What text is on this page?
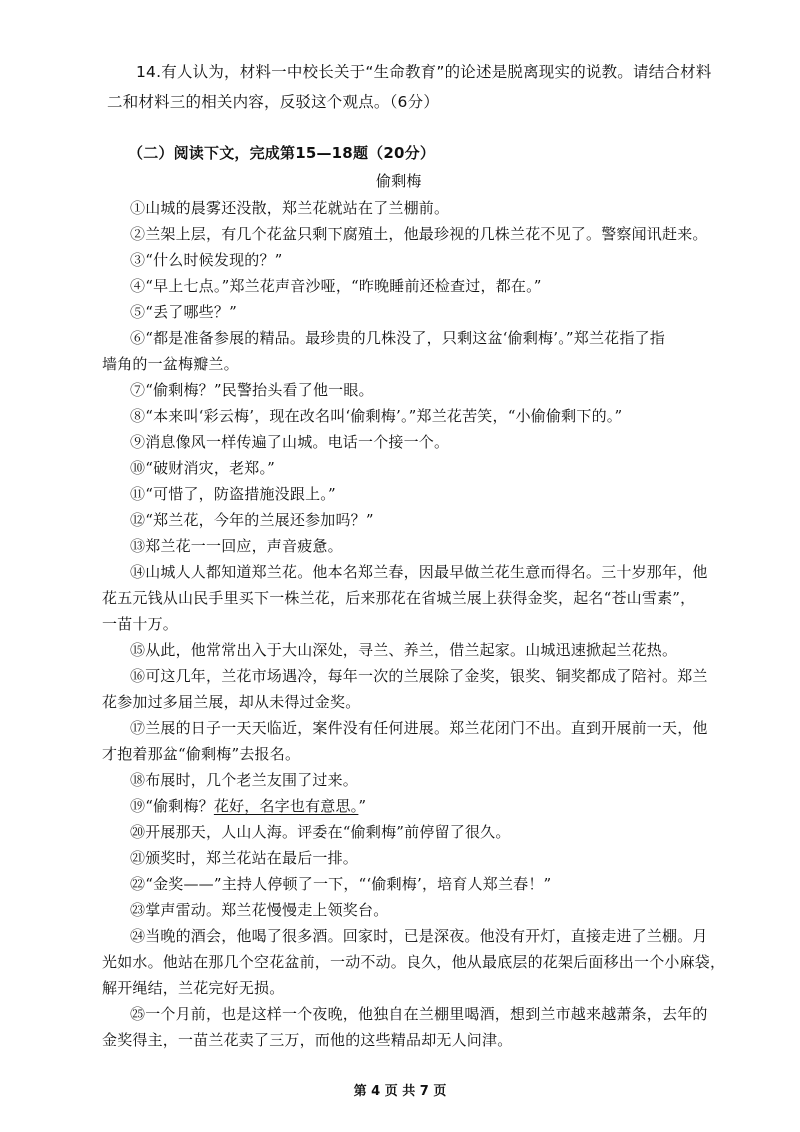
14.有人认为，材料一中校长关于“生命教育”的论述是脱离现实的说教。请结合材料
二和材料三的相关内容，反驳这个观点。（6分）
（二）阅读下文，完成第15—18题（20分）
偷剩梅
①山城的晨雾还没散，郑兰花就站在了兰棚前。
②兰架上层，有几个花盆只剩下腐殖土，他最珍视的几株兰花不见了。警察闻讯赶来。
③“什么时候发现的？”
④“早上七点。”郑兰花声音沙哑，“昨晚睡前还检查过，都在。”
⑤“丢了哪些？”
⑥“都是准备参展的精品。最珍贵的几株没了，只剩这盆‘偷剩梅’。”郑兰花指了指
墙角的一盆梅瓣兰。
⑦“偷剩梅？”民警抬头看了他一眼。
⑧“本来叫‘彩云梅’，现在改名叫‘偷剩梅’。”郑兰花苦笑，“小偷偷剩下的。”
⑨消息像风一样传遍了山城。电话一个接一个。
⑩“破财消灾，老郑。”
⑪“可惜了，防盗措施没跟上。”
⑫“郑兰花，今年的兰展还参加吗？”
⑬郑兰花一一回应，声音疲惫。
⑭山城人人都知道郑兰花。他本名郑兰春，因最早做兰花生意而得名。三十岁那年，他
花五元钱从山民手里买下一株兰花，后来那花在省城兰展上获得金奖，起名“苍山雪素”，
一苗十万。
⑮从此，他常常出入于大山深处，寻兰、养兰，借兰起家。山城迅速掀起兰花热。
⑯可这几年，兰花市场遇冷，每年一次的兰展除了金奖，银奖、铜奖都成了陪衬。郑兰
花参加过多届兰展，却从未得过金奖。
⑰兰展的日子一天天临近，案件没有任何进展。郑兰花闭门不出。直到开展前一天，他
才抱着那盆“偷剩梅”去报名。
⑱布展时，几个老兰友围了过来。
⑲“偷剩梅？花好，名字也有意思。”
⑳开展那天，人山人海。评委在“偷剩梅”前停留了很久。
㉑颁奖时，郑兰花站在最后一排。
㉒“金奖——”主持人停顿了一下，“‘偷剩梅’，培育人郑兰春！”
㉓掌声雷动。郑兰花慢慢走上领奖台。
㉔当晚的酒会，他喝了很多酒。回家时，已是深夜。他没有开灯，直接走进了兰棚。月
光如水。他站在那几个空花盆前，一动不动。良久，他从最底层的花架后面移出一个小麻袋，
解开绳结，兰花完好无损。
㉕一个月前，也是这样一个夜晚，他独自在兰棚里喝酒，想到兰市越来越萧条，去年的
金奖得主，一苗兰花卖了三万，而他的这些精品却无人问津。
第 4 页 共 7 页
